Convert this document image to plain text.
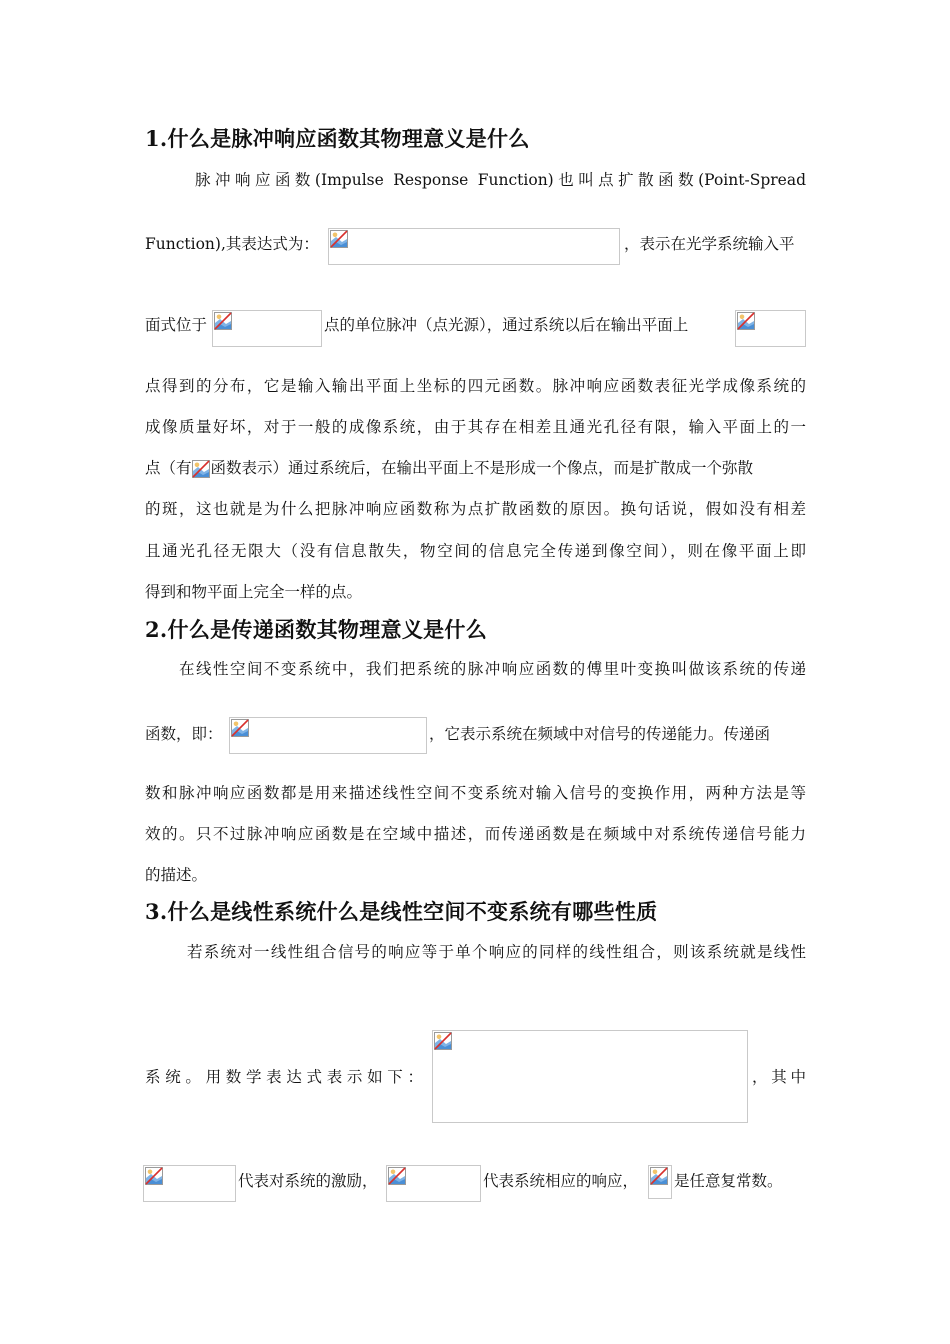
1.什么是脉冲响应函数其物理意义是什么
脉冲响应函数(Impulse Response Function)也叫点扩散函数(Point-Spread
Function),其表达式为：	，表示在光学系统输入平
面式位于	点的单位脉冲（点光源），通过系统以后在输出平面上
点得到的分布，它是输入输出平面上坐标的四元函数。脉冲响应函数表征光学成像系统的
成像质量好坏，对于一般的成像系统，由于其存在相差且通光孔径有限，输入平面上的一
点（有 函数表示）通过系统后，在输出平面上不是形成一个像点，而是扩散成一个弥散
的斑，这也就是为什么把脉冲响应函数称为点扩散函数的原因。换句话说，假如没有相差
且通光孔径无限大（没有信息散失，物空间的信息完全传递到像空间），则在像平面上即
得到和物平面上完全一样的点。
2.什么是传递函数其物理意义是什么
在线性空间不变系统中，我们把系统的脉冲响应函数的傅里叶变换叫做该系统的传递
函数，即：	，它表示系统在频域中对信号的传递能力。传递函
数和脉冲响应函数都是用来描述线性空间不变系统对输入信号的变换作用，两种方法是等
效的。只不过脉冲响应函数是在空域中描述，而传递函数是在频域中对系统传递信号能力
的描述。
3.什么是线性系统什么是线性空间不变系统有哪些性质
若系统对一线性组合信号的响应等于单个响应的同样的线性组合，则该系统就是线性
系统。用数学表达式表示如下：	，其中
代表对系统的激励，	代表系统相应的响应， 是任意复常数。
